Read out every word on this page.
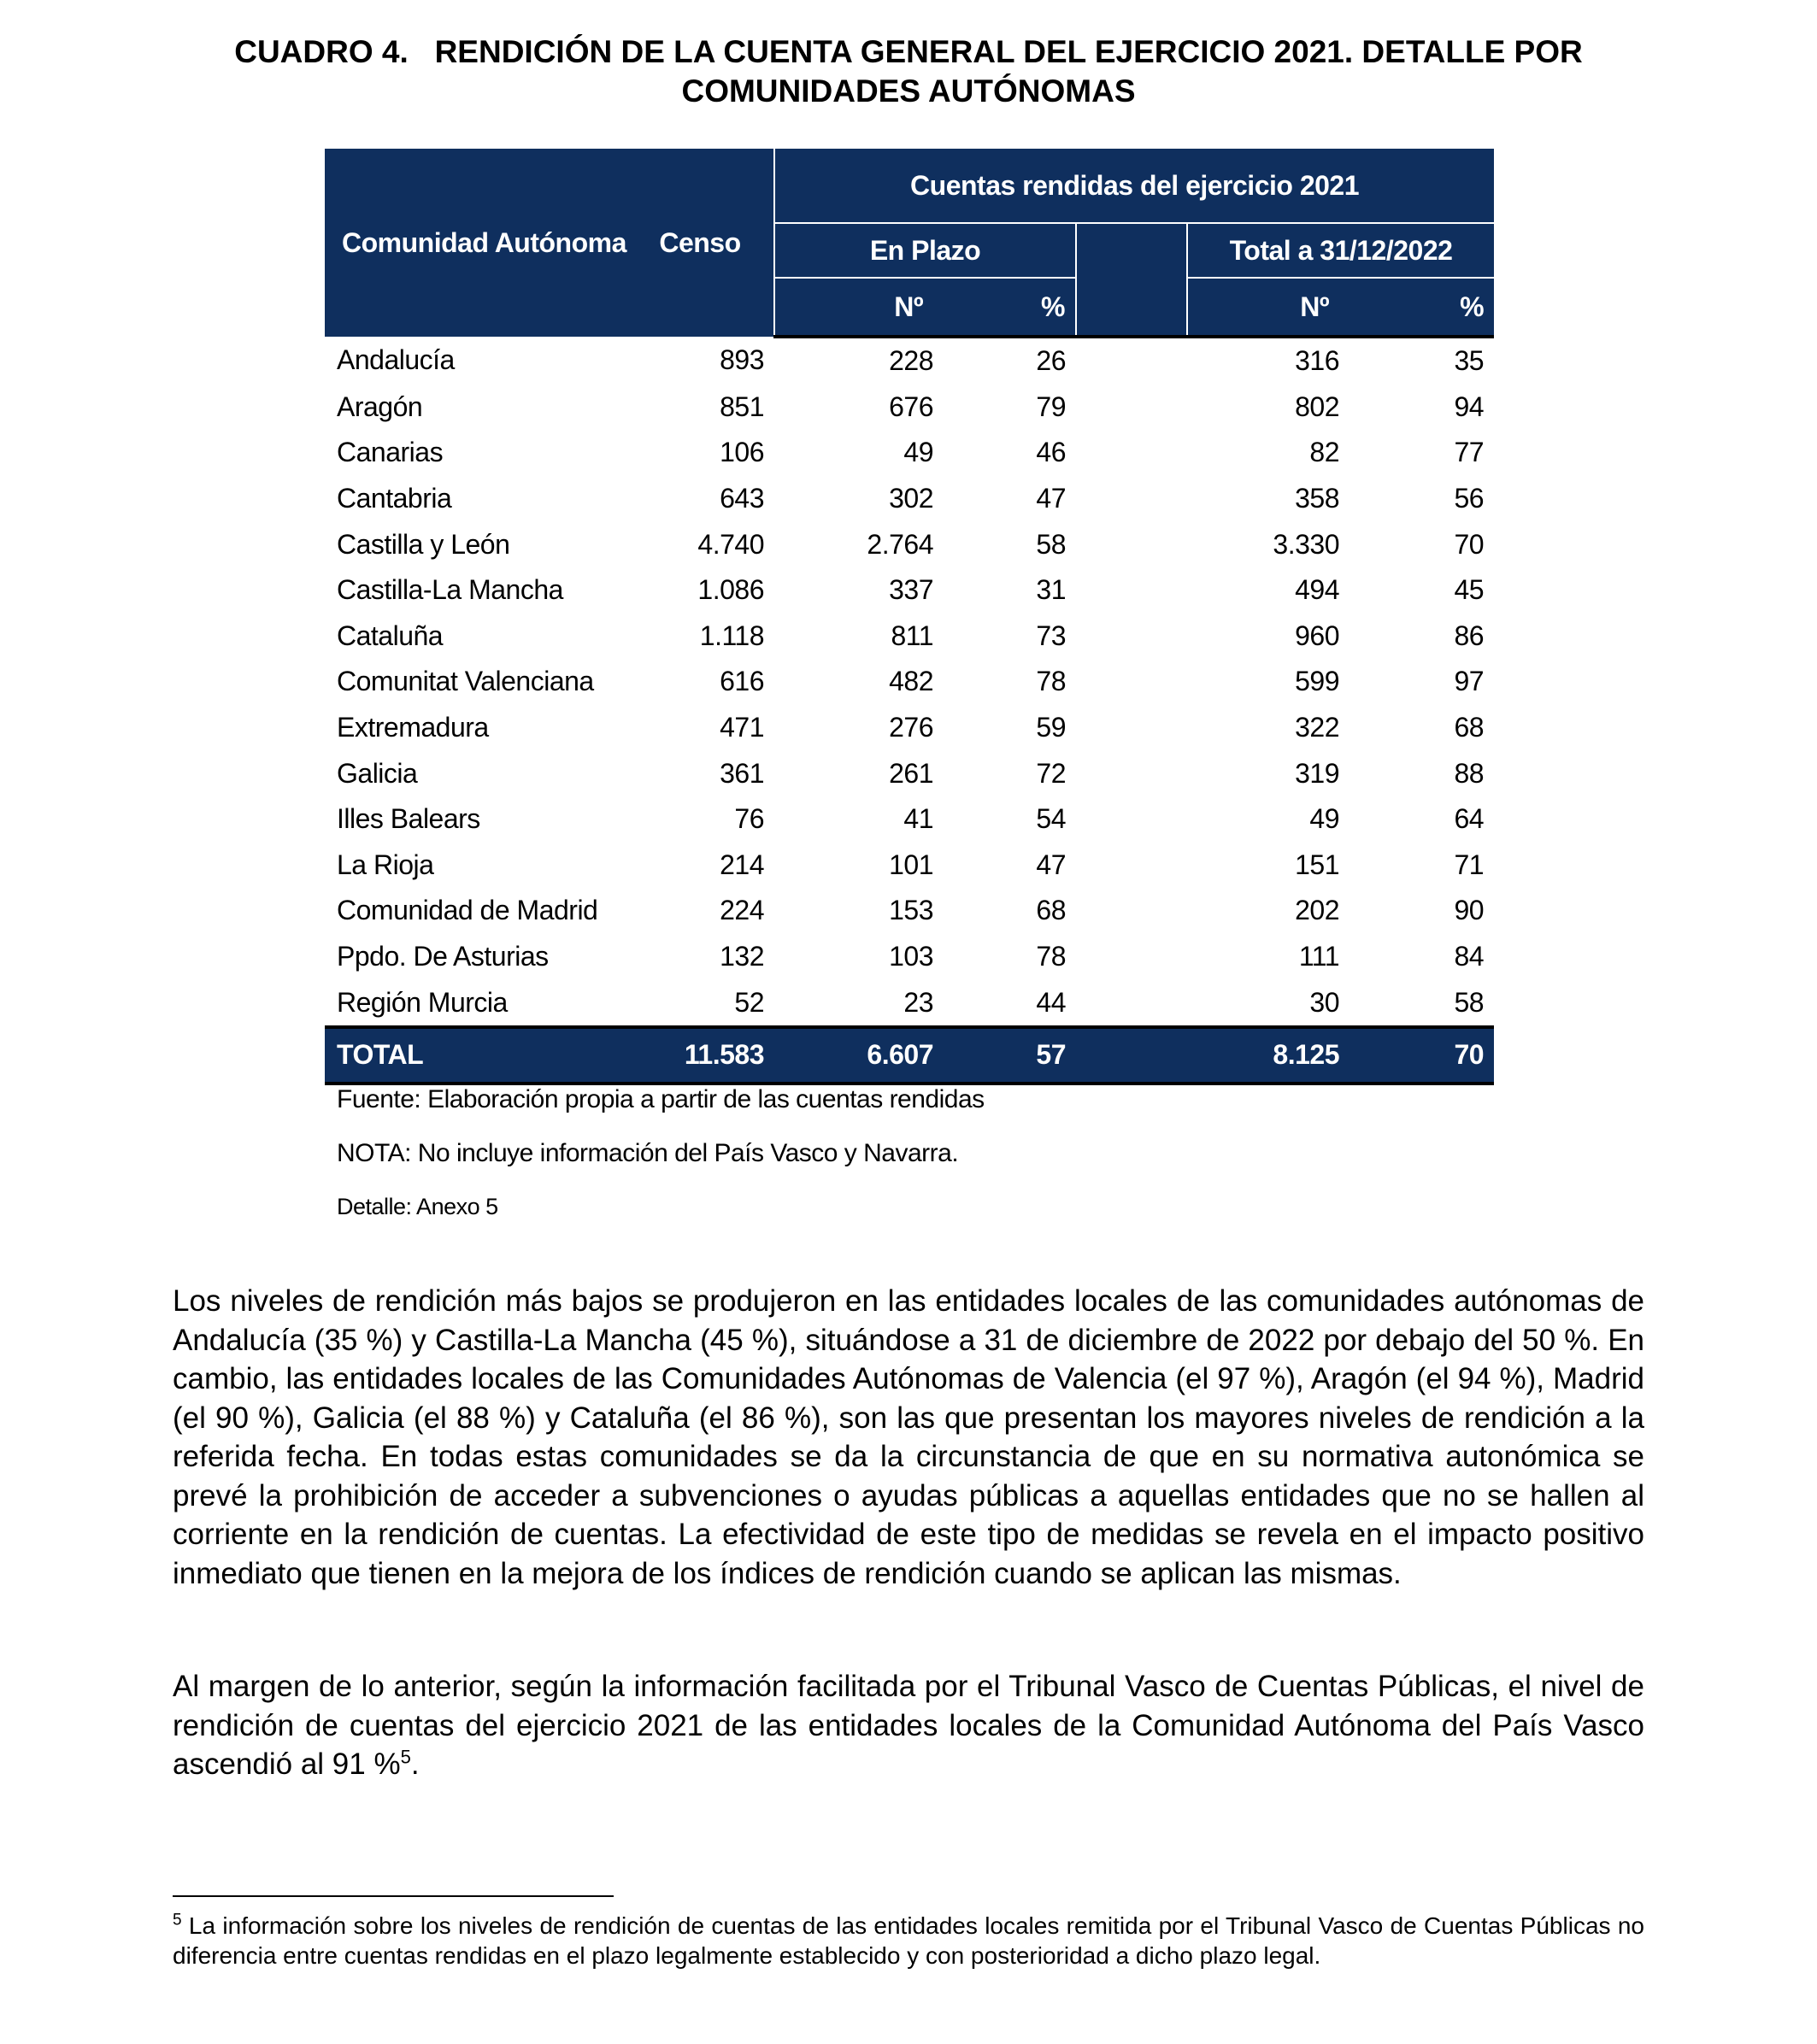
CUADRO 4.   RENDICIÓN DE LA CUENTA GENERAL DEL EJERCICIO 2021. DETALLE POR
COMUNIDADES AUTÓNOMAS
Comunidad Autónoma	Censo	Cuentas rendidas del ejercicio 2021				
		En Plazo			Total a 31/12/2022	
		Nº	%		Nº	%
Andalucía	893	228	26		316	35
Aragón	851	676	79		802	94
Canarias	106	49	46		82	77
Cantabria	643	302	47		358	56
Castilla y León	4.740	2.764	58		3.330	70
Castilla-La Mancha	1.086	337	31		494	45
Cataluña	1.118	811	73		960	86
Comunitat Valenciana	616	482	78		599	97
Extremadura	471	276	59		322	68
Galicia	361	261	72		319	88
Illes Balears	76	41	54		49	64
La Rioja	214	101	47		151	71
Comunidad de Madrid	224	153	68		202	90
Ppdo. De Asturias	132	103	78		111	84
Región Murcia	52	23	44		30	58
TOTAL	11.583	6.607	57		8.125	70
Fuente: Elaboración propia a partir de las cuentas rendidas
NOTA: No incluye información del País Vasco y Navarra.
Detalle: Anexo 5
Los niveles de rendición más bajos se produjeron en las entidades locales de las comunidades autónomas de Andalucía (35 %) y Castilla-La Mancha (45 %), situándose a 31 de diciembre de 2022 por debajo del 50 %. En cambio, las entidades locales de las Comunidades Autónomas de Valencia (el 97 %), Aragón (el 94 %), Madrid (el 90 %), Galicia (el 88 %) y Cataluña (el 86 %), son las que presentan los mayores niveles de rendición a la referida fecha. En todas estas comunidades se da la circunstancia de que en su normativa autonómica se prevé la prohibición de acceder a subvenciones o ayudas públicas a aquellas entidades que no se hallen al corriente en la rendición de cuentas. La efectividad de este tipo de medidas se revela en el impacto positivo inmediato que tienen en la mejora de los índices de rendición cuando se aplican las mismas.
Al margen de lo anterior, según la información facilitada por el Tribunal Vasco de Cuentas Públicas, el nivel de rendición de cuentas del ejercicio 2021 de las entidades locales de la Comunidad Autónoma del País Vasco ascendió al 91 %$^5$.
$^5$ La información sobre los niveles de rendición de cuentas de las entidades locales remitida por el Tribunal Vasco de Cuentas Públicas no diferencia entre cuentas rendidas en el plazo legalmente establecido y con posterioridad a dicho plazo legal.
